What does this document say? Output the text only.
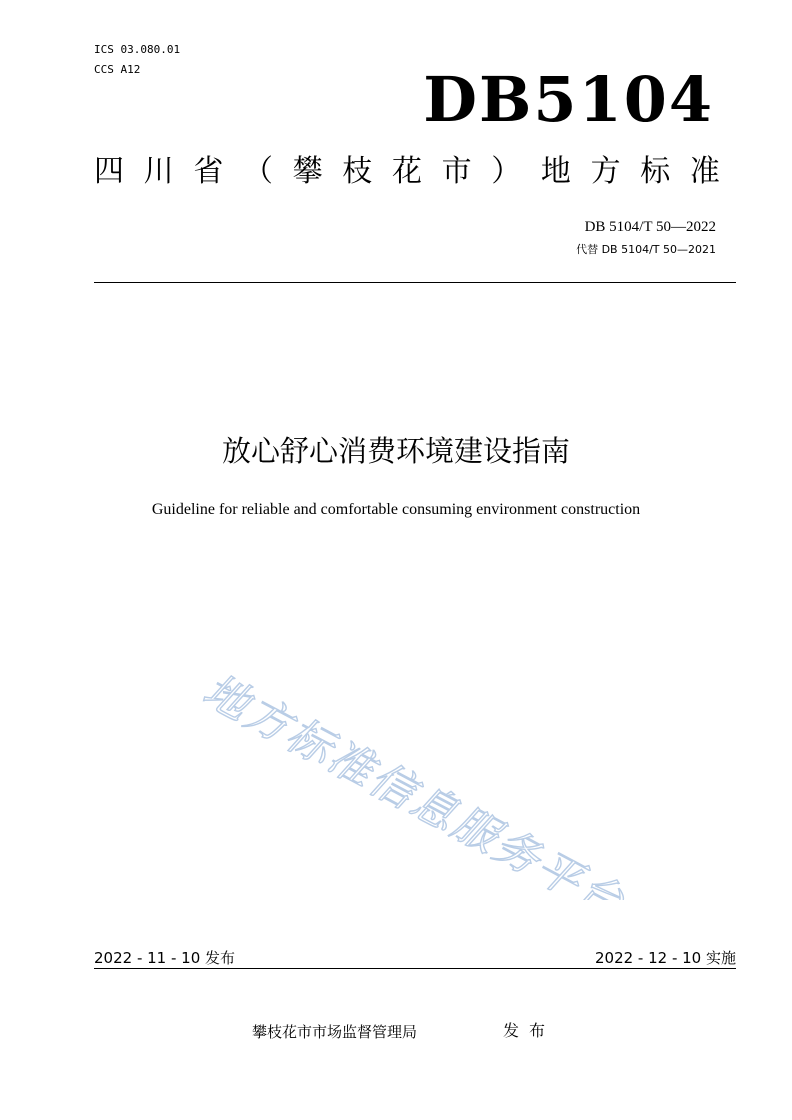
ICS 03.080.01
CCS A12	DB5104
四 川 省 （ 攀 枝 花 市 ） 地 方 标 准
DB 5104/T 50—2022
代替 DB 5104/T 50—2021
放心舒心消费环境建设指南
Guideline for reliable and comfortable consuming environment construction
地方标准信息服务平台
2022 - 11 - 10 发布	2022 - 12 - 10 实施
攀枝花市市场监督管理局	发布
